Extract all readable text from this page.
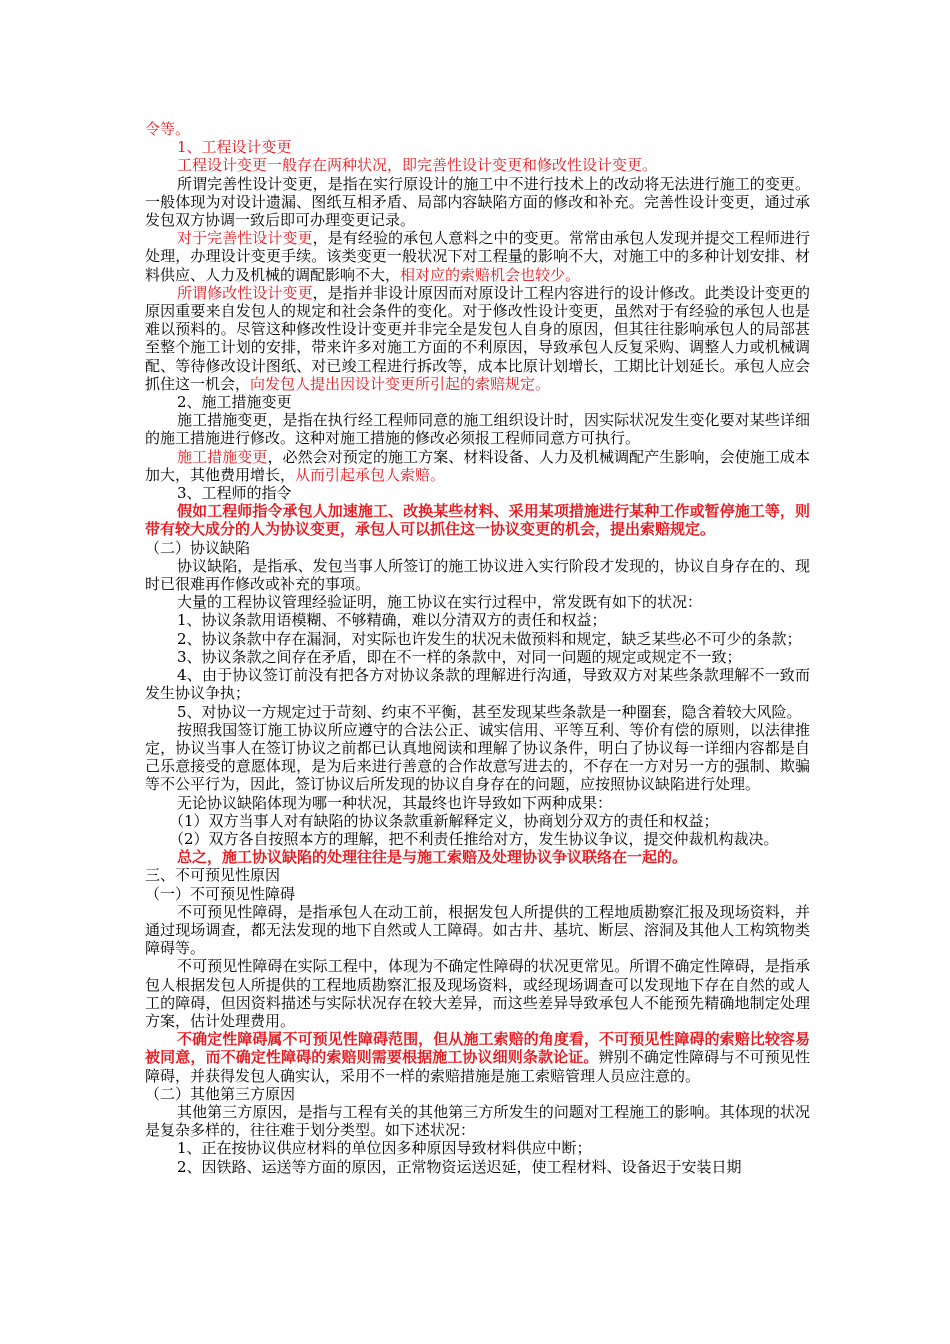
令等。

1、工程设计变更

工程设计变更一般存在两种状况，即完善性设计变更和修改性设计变更。

所谓完善性设计变更，是指在实行原设计的施工中不进行技术上的改动将无法进行施工的变更。一般体现为对设计遗漏、图纸互相矛盾、局部内容缺陷方面的修改和补充。完善性设计变更，通过承发包双方协调一致后即可办理变更记录。

对于完善性设计变更，是有经验的承包人意料之中的变更。常常由承包人发现并提交工程师进行处理，办理设计变更手续。该类变更一般状况下对工程量的影响不大，对施工中的多种计划安排、材料供应、人力及机械的调配影响不大，相对应的索赔机会也较少。

所谓修改性设计变更，是指并非设计原因而对原设计工程内容进行的设计修改。此类设计变更的原因重要来自发包人的规定和社会条件的变化。对于修改性设计变更，虽然对于有经验的承包人也是难以预料的。尽管这种修改性设计变更并非完全是发包人自身的原因，但其往往影响承包人的局部甚至整个施工计划的安排，带来许多对施工方面的不利原因，导致承包人反复采购、调整人力或机械调配、等待修改设计图纸、对已竣工程进行拆改等，成本比原计划增长，工期比计划延长。承包人应会抓住这一机会，向发包人提出因设计变更所引起的索赔规定。

2、施工措施变更

施工措施变更，是指在执行经工程师同意的施工组织设计时，因实际状况发生变化要对某些详细的施工措施进行修改。这种对施工措施的修改必须报工程师同意方可执行。

施工措施变更，必然会对预定的施工方案、材料设备、人力及机械调配产生影响，会使施工成本加大，其他费用增长，从而引起承包人索赔。

3、工程师的指令

假如工程师指令承包人加速施工、改换某些材料、采用某项措施进行某种工作或暂停施工等，则带有较大成分的人为协议变更，承包人可以抓住这一协议变更的机会，提出索赔规定。

（二）协议缺陷

协议缺陷，是指承、发包当事人所签订的施工协议进入实行阶段才发现的，协议自身存在的、现时已很难再作修改或补充的事项。

大量的工程协议管理经验证明，施工协议在实行过程中，常发既有如下的状况：

1、协议条款用语模糊、不够精确，难以分清双方的责任和权益；

2、协议条款中存在漏洞，对实际也许发生的状况未做预料和规定，缺乏某些必不可少的条款；

3、协议条款之间存在矛盾，即在不一样的条款中，对同一问题的规定或规定不一致；

4、由于协议签订前没有把各方对协议条款的理解进行沟通，导致双方对某些条款理解不一致而发生协议争执；

5、对协议一方规定过于苛刻、约束不平衡，甚至发现某些条款是一种圈套，隐含着较大风险。

按照我国签订施工协议所应遵守的合法公正、诚实信用、平等互利、等价有偿的原则，以法律推定，协议当事人在签订协议之前都已认真地阅读和理解了协议条件，明白了协议每一详细内容都是自己乐意接受的意愿体现，是为后来进行善意的合作故意写进去的，不存在一方对另一方的强制、欺骗等不公平行为，因此，签订协议后所发现的协议自身存在的问题，应按照协议缺陷进行处理。

无论协议缺陷体现为哪一种状况，其最终也许导致如下两种成果：

（1）双方当事人对有缺陷的协议条款重新解释定义，协商划分双方的责任和权益；

（2）双方各自按照本方的理解，把不利责任推给对方，发生协议争议，提交仲裁机构裁决。

总之，施工协议缺陷的处理往往是与施工索赔及处理协议争议联络在一起的。

三、不可预见性原因

（一）不可预见性障碍

不可预见性障碍，是指承包人在动工前，根据发包人所提供的工程地质勘察汇报及现场资料，并通过现场调查，都无法发现的地下自然或人工障碍。如古井、基坑、断层、溶洞及其他人工构筑物类障碍等。

不可预见性障碍在实际工程中，体现为不确定性障碍的状况更常见。所谓不确定性障碍，是指承包人根据发包人所提供的工程地质勘察汇报及现场资料，或经现场调查可以发现地下存在自然的或人工的障碍，但因资料描述与实际状况存在较大差异，而这些差异导致承包人不能预先精确地制定处理方案，估计处理费用。

不确定性障碍属不可预见性障碍范围，但从施工索赔的角度看，不可预见性障碍的索赔比较容易被同意，而不确定性障碍的索赔则需要根据施工协议细则条款论证。辨别不确定性障碍与不可预见性障碍，并获得发包人确实认，采用不一样的索赔措施是施工索赔管理人员应注意的。

（二）其他第三方原因

其他第三方原因，是指与工程有关的其他第三方所发生的问题对工程施工的影响。其体现的状况是复杂多样的，往往难于划分类型。如下述状况：

1、正在按协议供应材料的单位因多种原因导致材料供应中断；

2、因铁路、运送等方面的原因，正常物资运送迟延，使工程材料、设备迟于安装日期
